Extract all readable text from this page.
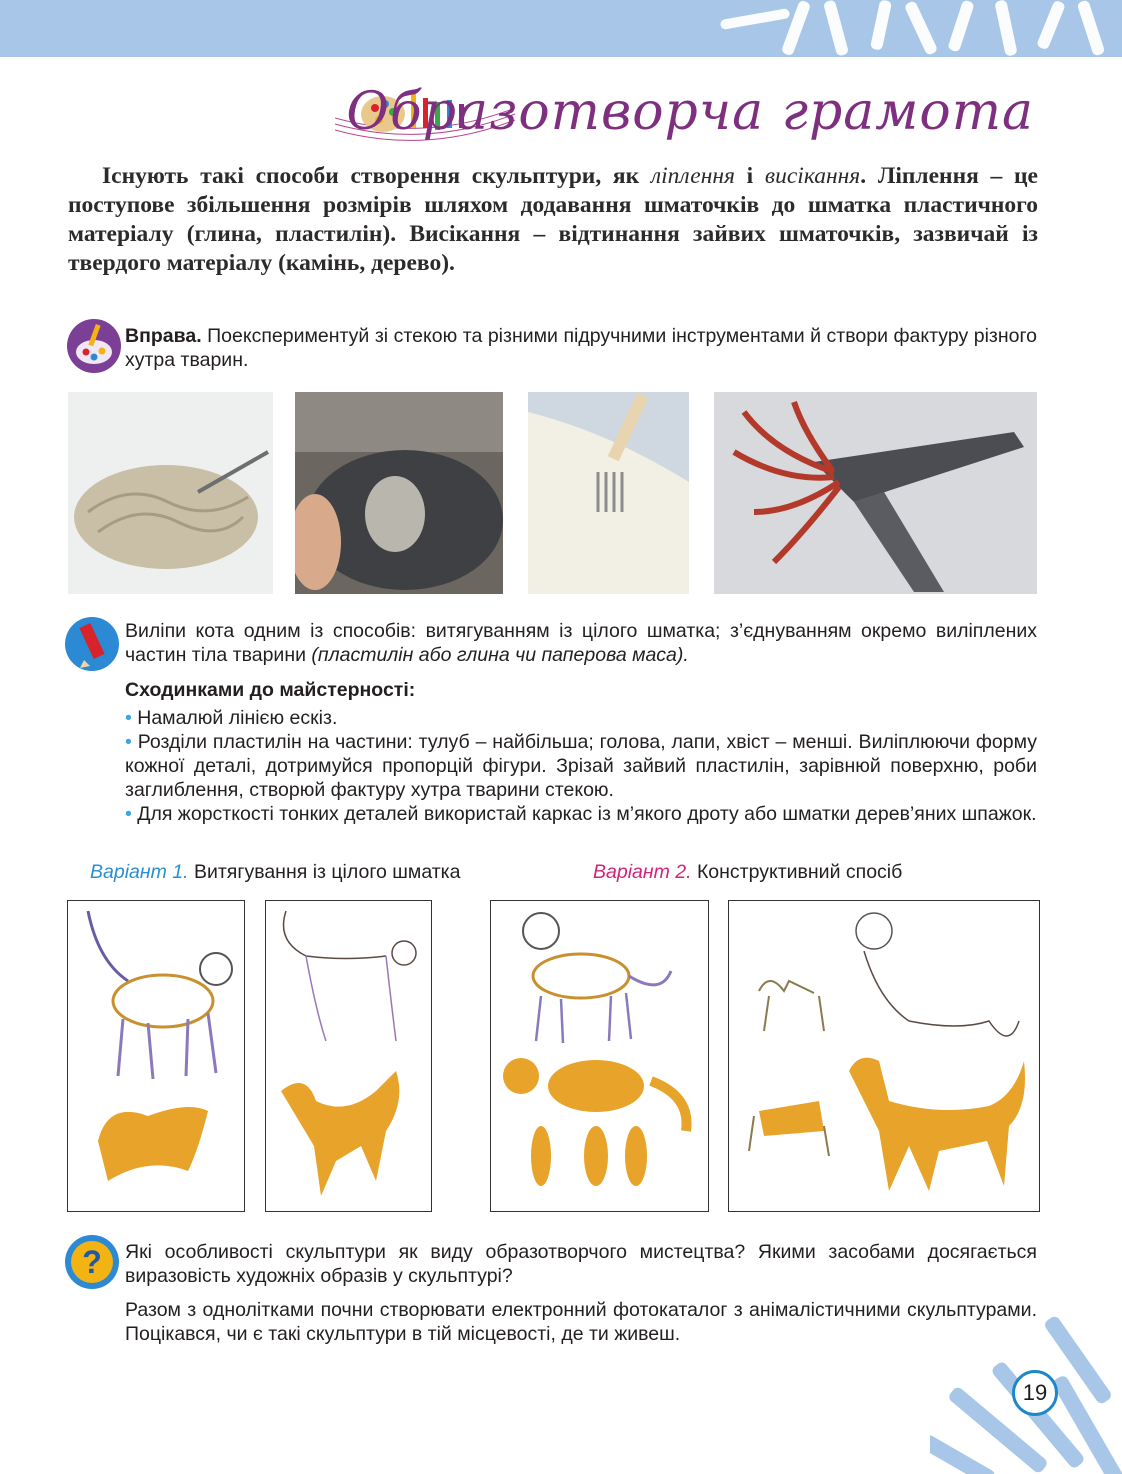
Образотворча грамота
Існують такі способи створення скульптури, як ліплення і висікання. Ліплення – це поступове збільшення розмірів шляхом додавання шматочків до шматка пластичного матеріалу (глина, пластилін). Висікання – відтинання зайвих шматочків, зазвичай із твердого матеріалу (камінь, дерево).
Вправа. Поекспериментуй зі стекою та різними підручними інструментами й створи фактуру різного хутра тварин.
Виліпи кота одним із способів: витягуванням із цілого шматка; з’єднуванням окремо виліплених частин тіла тварини (пластилін або глина чи паперова маса).
Сходинками до майстерності:
• Намалюй лінією ескіз.
• Розділи пластилін на частини: тулуб – найбільша; голова, лапи, хвіст – менші. Виліплюючи форму кожної деталі, дотримуйся пропорцій фігури. Зрізай зайвий пластилін, зарівнюй поверхню, роби заглиблення, створюй фактуру хутра тварини стекою.
• Для жорсткості тонких деталей використай каркас із м’якого дроту або шматки дерев’яних шпажок.
Варіант 1. Витягування із цілого шматка	Варіант 2. Конструктивний спосіб
? Які особливості скульптури як виду образотворчого мистецтва? Якими засобами досягається виразовість художніх образів у скульптурі?
Разом з однолітками почни створювати електронний фотокаталог з анімалістичними скульптурами. Поцікався, чи є такі скульптури в тій місцевості, де ти живеш.
19
